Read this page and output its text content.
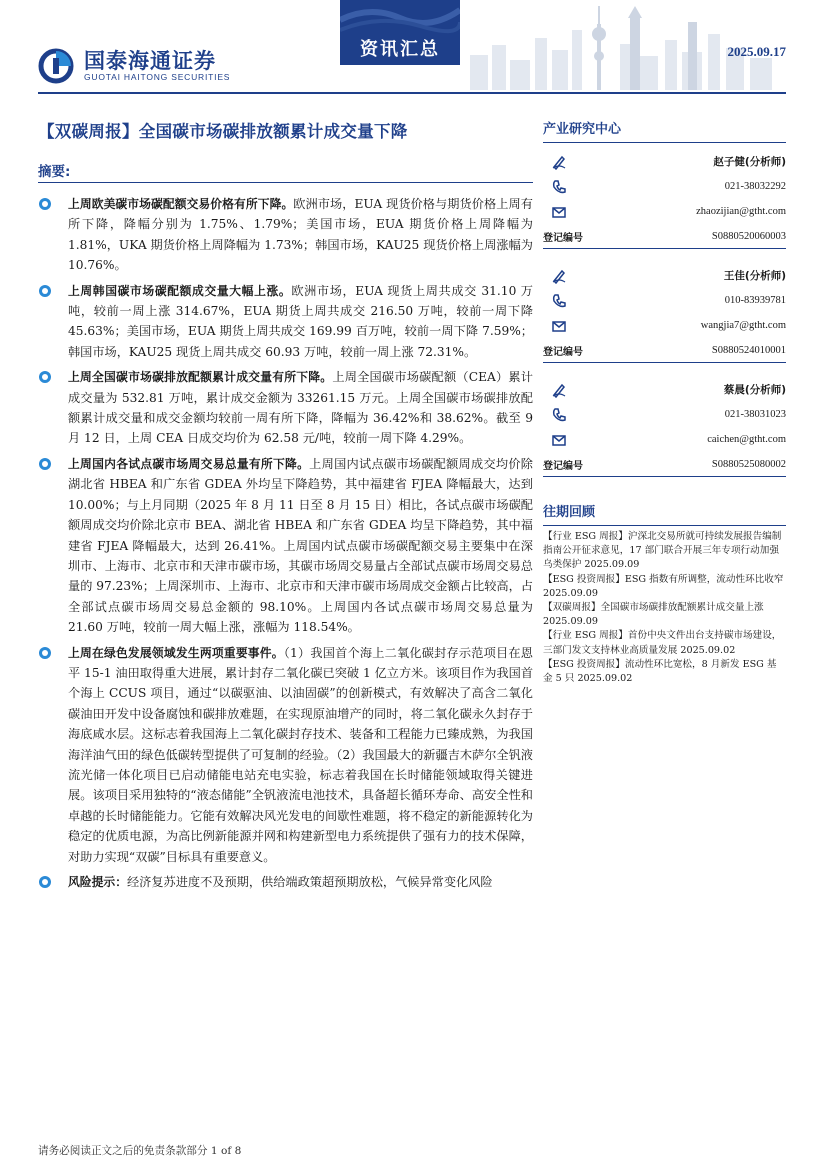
国泰海通证券
GUOTAI HAITONG SECURITIES
资讯汇总	2025.09.17
【双碳周报】全国碳市场碳排放额累计成交量下降
摘要:
上周欧美碳市场碳配额交易价格有所下降。欧洲市场，EUA 现货价格与期货价格上周有所下降，降幅分别为 1.75%、1.79%；美国市场，EUA 期货价格上周降幅为 1.81%，UKA 期货价格上周降幅为 1.73%；韩国市场，KAU25 现货价格上周涨幅为 10.76%。
上周韩国碳市场碳配额成交量大幅上涨。欧洲市场，EUA 现货上周共成交 31.10 万吨，较前一周上涨 314.67%，EUA 期货上周共成交 216.50 万吨，较前一周下降 45.63%；美国市场，EUA 期货上周共成交 169.99 百万吨，较前一周下降 7.59%；韩国市场，KAU25 现货上周共成交 60.93 万吨，较前一周上涨 72.31%。
上周全国碳市场碳排放配额累计成交量有所下降。上周全国碳市场碳配额（CEA）累计成交量为 532.81 万吨，累计成交金额为 33261.15 万元。上周全国碳市场碳排放配额累计成交量和成交金额均较前一周有所下降，降幅为 36.42%和 38.62%。截至 9 月 12 日，上周 CEA 日成交均价为 62.58 元/吨，较前一周下降 4.29%。
上周国内各试点碳市场周交易总量有所下降。上周国内试点碳市场碳配额周成交均价除湖北省 HBEA 和广东省 GDEA 外均呈下降趋势，其中福建省 FJEA 降幅最大，达到 10.00%；与上月同期（2025 年 8 月 11 日至 8 月 15 日）相比，各试点碳市场碳配额周成交均价除北京市 BEA、湖北省 HBEA 和广东省 GDEA 均呈下降趋势，其中福建省 FJEA 降幅最大，达到 26.41%。上周国内试点碳市场碳配额交易主要集中在深圳市、上海市、北京市和天津市碳市场，其碳市场周交易量占全部试点碳市场周交易总量的 97.23%；上周深圳市、上海市、北京市和天津市碳市场周成交金额占比较高，占全部试点碳市场周交易总金额的 98.10%。上周国内各试点碳市场周交易总量为 21.60 万吨，较前一周大幅上涨，涨幅为 118.54%。
上周在绿色发展领域发生两项重要事件。（1）我国首个海上二氧化碳封存示范项目在恩平 15-1 油田取得重大进展，累计封存二氧化碳已突破 1 亿立方米。该项目作为我国首个海上 CCUS 项目，通过“以碳驱油、以油固碳”的创新模式，有效解决了高含二氧化碳油田开发中设备腐蚀和碳排放难题，在实现原油增产的同时，将二氧化碳永久封存于海底咸水层。这标志着我国海上二氧化碳封存技术、装备和工程能力已臻成熟，为我国海洋油气田的绿色低碳转型提供了可复制的经验。（2）我国最大的新疆吉木萨尔全钒液流光储一体化项目已启动储能电站充电实验，标志着我国在长时储能领域取得关键进展。该项目采用独特的“液态储能”全钒液流电池技术，具备超长循环寿命、高安全性和卓越的长时储能能力。它能有效解决风光发电的间歇性难题，将不稳定的新能源转化为稳定的优质电源，为高比例新能源并网和构建新型电力系统提供了强有力的技术保障，对助力实现“双碳”目标具有重要意义。
风险提示：经济复苏进度不及预期，供给端政策超预期放松，气候异常变化风险
产业研究中心
赵子健(分析师)
021-38032292
zhaozijian@gtht.com
登记编号	S0880520060003
王佳(分析师)
010-83939781
wangjia7@gtht.com
登记编号	S0880524010001
蔡晨(分析师)
021-38031023
caichen@gtht.com
登记编号	S0880525080002
往期回顾
【行业 ESG 周报】沪深北交易所就可持续发展报告编制指南公开征求意见，17 部门联合开展三年专项行动加强乌类保护 2025.09.09
【ESG 投资周报】ESG 指数有所调整，流动性环比收窄 2025.09.09
【双碳周报】全国碳市场碳排放配额累计成交量上涨 2025.09.09
【行业 ESG 周报】首份中央文件出台支持碳市场建设，三部门发文支持林业高质量发展 2025.09.02
【ESG 投资周报】流动性环比宽松，8 月新发 ESG 基金 5 只 2025.09.02
请务必阅读正文之后的免责条款部分 1 of 8
